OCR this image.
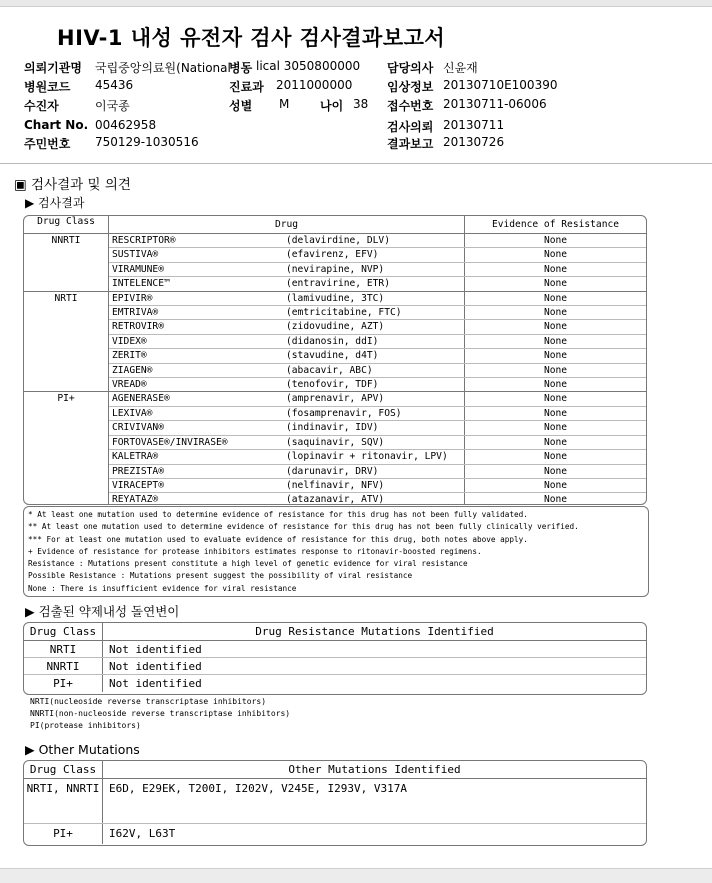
HIV-1 내성 유전자 검사 검사결과보고서
의뢰기관명 국립중앙의료원(National
병동 lical 3050800000 담당의사 신윤재
병원코드 45436	진료과 2011000000	임상정보 20130710E100390
수진자	이국종	성별 M	나이 38 접수번호 20130711-06006
Chart No. 00462958	검사의뢰 20130711
주민번호 750129-1030516	결과보고 20130726
▣ 검사결과 및 의견
▶ 검사결과
Drug Class	Drug		Evidence of Resistance
NNRTI	RESCRIPTOR®	(delavirdine, DLV)	None
	SUSTIVA®	(efavirenz, EFV)	None
	VIRAMUNE®	(nevirapine, NVP)	None
	INTELENCE™	(entravirine, ETR)	None
NRTI	EPIVIR®	(lamivudine, 3TC)	None
	EMTRIVA®	(emtricitabine, FTC)	None
	RETROVIR®	(zidovudine, AZT)	None
	VIDEX®	(didanosin, ddI)	None
	ZERIT®	(stavudine, d4T)	None
	ZIAGEN®	(abacavir, ABC)	None
	VREAD®	(tenofovir, TDF)	None
PI+	AGENERASE®	(amprenavir, APV)	None
	LEXIVA®	(fosamprenavir, FOS)	None
	CRIVIVAN®	(indinavir, IDV)	None
	FORTOVASE®/INVIRASE®	(saquinavir, SQV)	None
	KALETRA®	(lopinavir + ritonavir, LPV)	None
	PREZISTA®	(darunavir, DRV)	None
	VIRACEPT®	(nelfinavir, NFV)	None
	REYATAZ®	(atazanavir, ATV)	None

* At least one mutation used to determine evidence of resistance for this drug has not been fully validated.
** At least one mutation used to determine evidence of resistance for this drug has not been fully clinically verified.
*** For at least one mutation used to evaluate evidence of resistance for this drug, both notes above apply.
+ Evidence of resistance for protease inhibitors estimates response to ritonavir-boosted regimens.
Resistance : Mutations present constitute a high level of genetic evidence for viral resistance
Possible Resistance : Mutations present suggest the possibility of viral resistance
None : There is insufficient evidence for viral resistance
▶ 검출된 약제내성 돌연변이
Drug Class	Drug Resistance Mutations Identified
NRTI	Not identified
NNRTI	Not identified
PI+	Not identified
NRTI(nucleoside reverse transcriptase inhibitors)
NNRTI(non-nucleoside reverse transcriptase inhibitors)
PI(protease inhibitors)
▶ Other Mutations
Drug Class	Other Mutations Identified
NRTI, NNRTI	E6D, E29EK, T200I, I202V, V245E, I293V, V317A
PI+	I62V, L63T
